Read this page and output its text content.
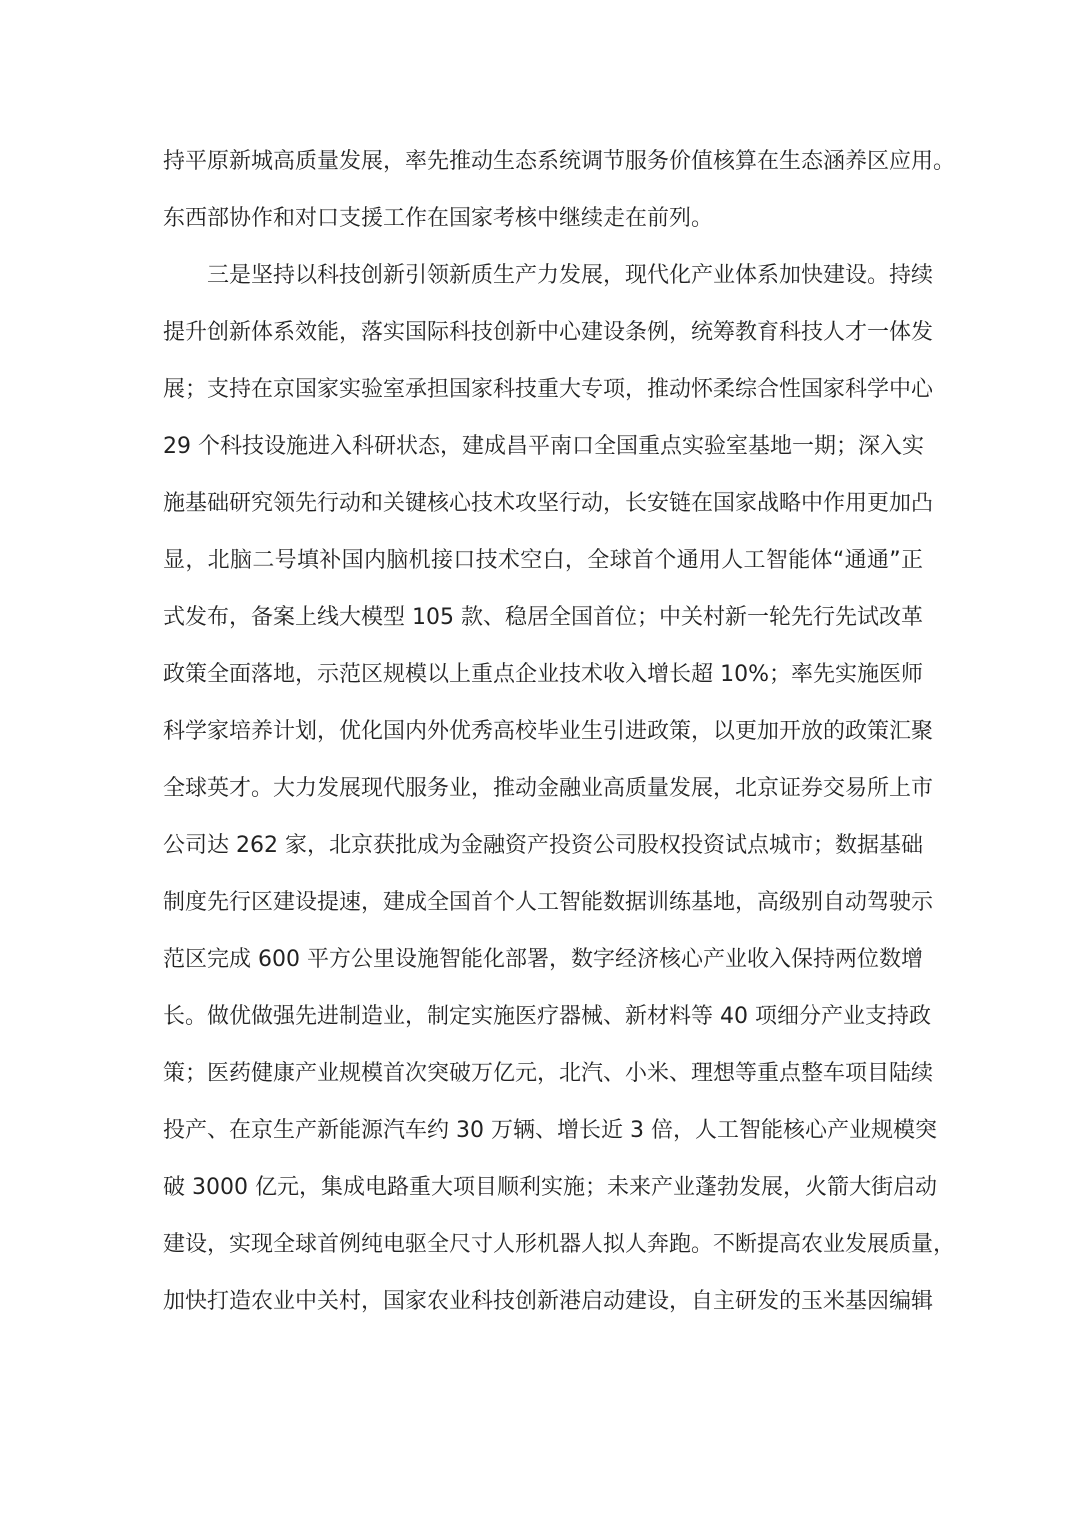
持平原新城高质量发展，率先推动生态系统调节服务价值核算在生态涵养区应用。
东西部协作和对口支援工作在国家考核中继续走在前列。
三是坚持以科技创新引领新质生产力发展，现代化产业体系加快建设。持续
提升创新体系效能，落实国际科技创新中心建设条例，统筹教育科技人才一体发
展；支持在京国家实验室承担国家科技重大专项，推动怀柔综合性国家科学中心
29 个科技设施进入科研状态，建成昌平南口全国重点实验室基地一期；深入实
施基础研究领先行动和关键核心技术攻坚行动，长安链在国家战略中作用更加凸
显，北脑二号填补国内脑机接口技术空白，全球首个通用人工智能体“通通”正
式发布，备案上线大模型 105 款、稳居全国首位；中关村新一轮先行先试改革
政策全面落地，示范区规模以上重点企业技术收入增长超 10%；率先实施医师
科学家培养计划，优化国内外优秀高校毕业生引进政策，以更加开放的政策汇聚
全球英才。大力发展现代服务业，推动金融业高质量发展，北京证券交易所上市
公司达 262 家，北京获批成为金融资产投资公司股权投资试点城市；数据基础
制度先行区建设提速，建成全国首个人工智能数据训练基地，高级别自动驾驶示
范区完成 600 平方公里设施智能化部署，数字经济核心产业收入保持两位数增
长。做优做强先进制造业，制定实施医疗器械、新材料等 40 项细分产业支持政
策；医药健康产业规模首次突破万亿元，北汽、小米、理想等重点整车项目陆续
投产、在京生产新能源汽车约 30 万辆、增长近 3 倍，人工智能核心产业规模突
破 3000 亿元，集成电路重大项目顺利实施；未来产业蓬勃发展，火箭大街启动
建设，实现全球首例纯电驱全尺寸人形机器人拟人奔跑。不断提高农业发展质量，
加快打造农业中关村，国家农业科技创新港启动建设，自主研发的玉米基因编辑
